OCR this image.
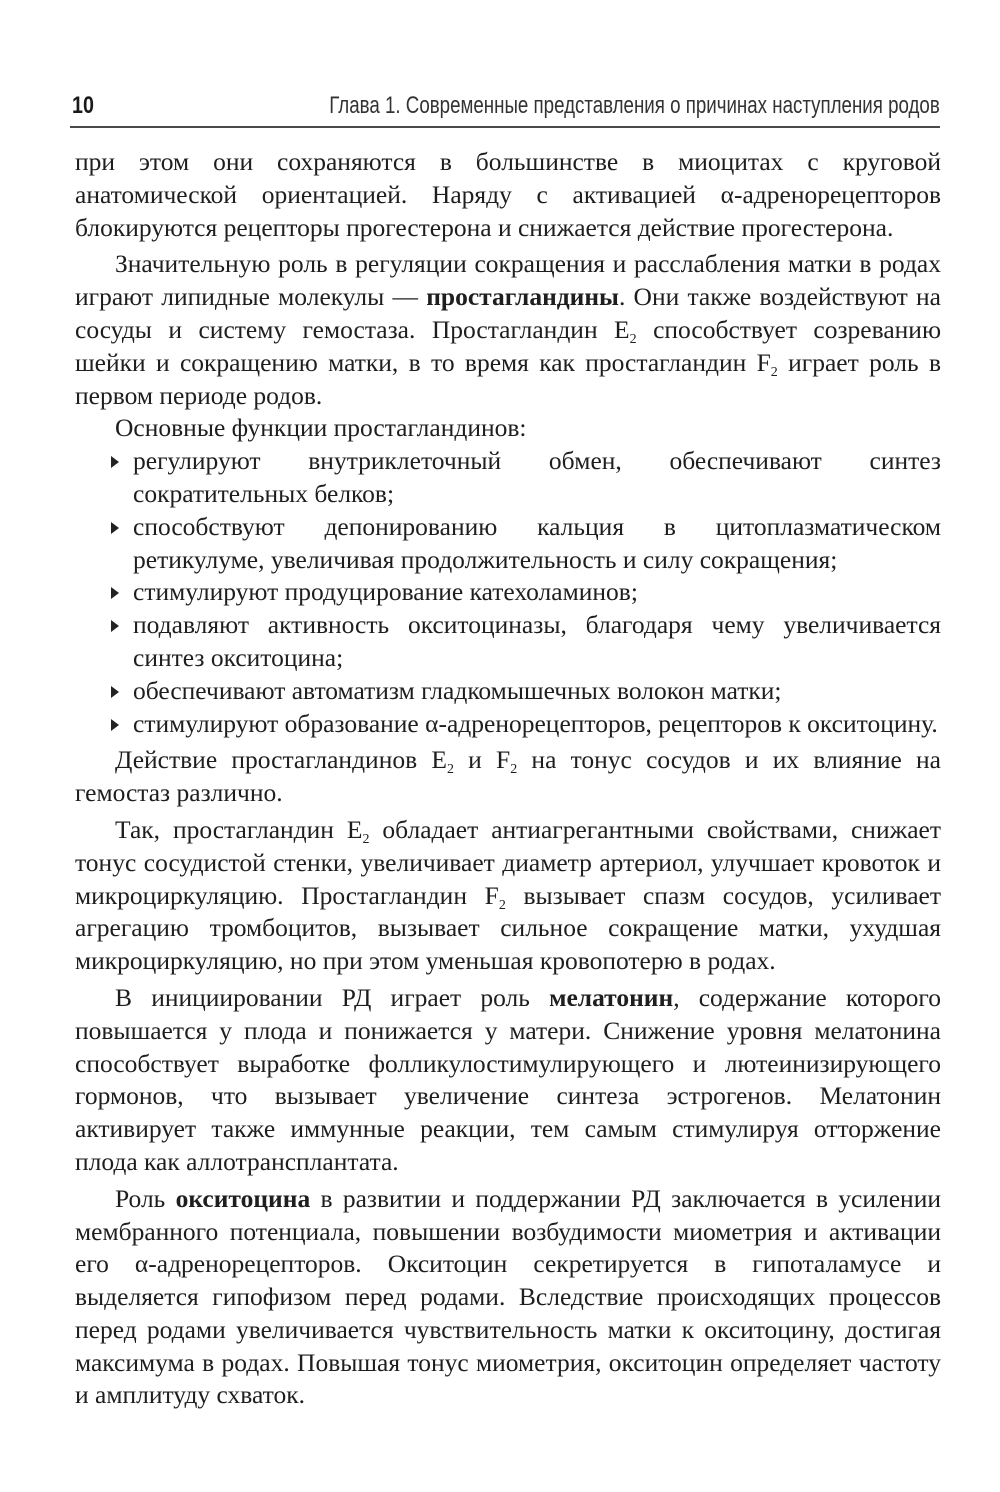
10	Глава 1. Современные представления о причинах наступления родов

при этом они сохраняются в большинстве в миоцитах с круговой анатомической ориентацией. Наряду с активацией α-адренорецепторов блокируются рецепторы прогестерона и снижается действие прогестерона.

Значительную роль в регуляции сокращения и расслабления матки в родах играют липидные молекулы — простагландины. Они также воздействуют на сосуды и систему гемостаза. Простагландин $E_2$ способствует созреванию шейки и сокращению матки, в то время как простагландин $F_2$ играет роль в первом периоде родов.

Основные функции простагландинов:

регулируют внутриклеточный обмен, обеспечивают синтез сократительных белков;
способствуют депонированию кальция в цитоплазматическом ретикулуме, увеличивая продолжительность и силу сокращения;
стимулируют продуцирование катехоламинов;
подавляют активность окситоциназы, благодаря чему увеличивается синтез окситоцина;
обеспечивают автоматизм гладкомышечных волокон матки;
стимулируют образование α-адренорецепторов, рецепторов к окситоцину.

Действие простагландинов $E_2$ и $F_2$ на тонус сосудов и их влияние на гемостаз различно.

Так, простагландин $E_2$ обладает антиагрегантными свойствами, снижает тонус сосудистой стенки, увеличивает диаметр артериол, улучшает кровоток и микроциркуляцию. Простагландин $F_2$ вызывает спазм сосудов, усиливает агрегацию тромбоцитов, вызывает сильное сокращение матки, ухудшая микроциркуляцию, но при этом уменьшая кровопотерю в родах.

В инициировании РД играет роль мелатонин, содержание которого повышается у плода и понижается у матери. Снижение уровня мелатонина способствует выработке фолликулостимулирующего и лютеинизирующего гормонов, что вызывает увеличение синтеза эстрогенов. Мелатонин активирует также иммунные реакции, тем самым стимулируя отторжение плода как аллотрансплантата.

Роль окситоцина в развитии и поддержании РД заключается в усилении мембранного потенциала, повышении возбудимости миометрия и активации его α-адренорецепторов. Окситоцин секретируется в гипоталамусе и выделяется гипофизом перед родами. Вследствие происходящих процессов перед родами увеличивается чувствительность матки к окситоцину, достигая максимума в родах. Повышая тонус миометрия, окситоцин определяет частоту и амплитуду схваток.
